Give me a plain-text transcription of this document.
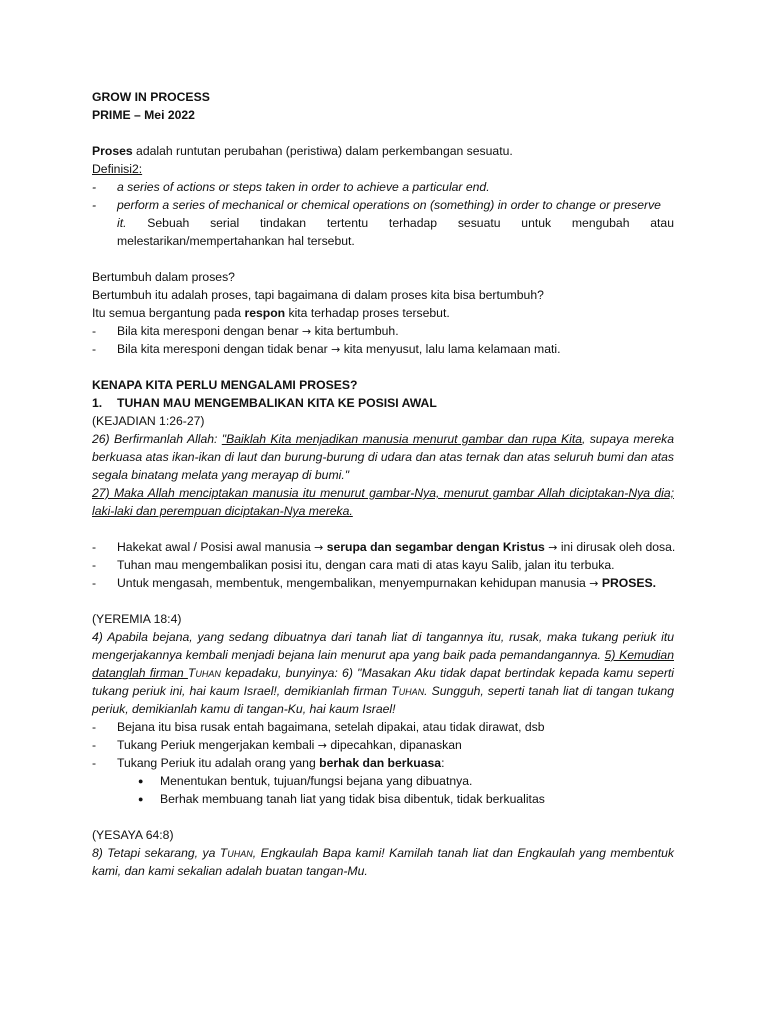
GROW IN PROCESS
PRIME – Mei 2022
Proses adalah runtutan perubahan (peristiwa) dalam perkembangan sesuatu.
Definisi2:
- a series of actions or steps taken in order to achieve a particular end.
- perform a series of mechanical or chemical operations on (something) in order to change or preserve
it. Sebuah serial tindakan tertentu terhadap sesuatu untuk mengubah atau
melestarikan/mempertahankan hal tersebut.
Bertumbuh dalam proses?
Bertumbuh itu adalah proses, tapi bagaimana di dalam proses kita bisa bertumbuh?
Itu semua bergantung pada respon kita terhadap proses tersebut.
- Bila kita meresponi dengan benar → kita bertumbuh.
- Bila kita meresponi dengan tidak benar → kita menyusut, lalu lama kelamaan mati.
KENAPA KITA PERLU MENGALAMI PROSES?
1. TUHAN MAU MENGEMBALIKAN KITA KE POSISI AWAL
(KEJADIAN 1:26-27)
26) Berfirmanlah Allah: "Baiklah Kita menjadikan manusia menurut gambar dan rupa Kita, supaya mereka berkuasa atas ikan-ikan di laut dan burung-burung di udara dan atas ternak dan atas seluruh bumi dan atas segala binatang melata yang merayap di bumi."
27) Maka Allah menciptakan manusia itu menurut gambar-Nya, menurut gambar Allah diciptakan-Nya dia; laki-laki dan perempuan diciptakan-Nya mereka.
- Hakekat awal / Posisi awal manusia → serupa dan segambar dengan Kristus → ini dirusak oleh dosa.
- Tuhan mau mengembalikan posisi itu, dengan cara mati di atas kayu Salib, jalan itu terbuka.
- Untuk mengasah, membentuk, mengembalikan, menyempurnakan kehidupan manusia → PROSES.
(YEREMIA 18:4)
4) Apabila bejana, yang sedang dibuatnya dari tanah liat di tangannya itu, rusak, maka tukang periuk itu mengerjakannya kembali menjadi bejana lain menurut apa yang baik pada pemandangannya. 5) Kemudian datanglah firman Tuhan kepadaku, bunyinya: 6) "Masakan Aku tidak dapat bertindak kepada kamu seperti tukang periuk ini, hai kaum Israel!, demikianlah firman Tuhan. Sungguh, seperti tanah liat di tangan tukang periuk, demikianlah kamu di tangan-Ku, hai kaum Israel!
- Bejana itu bisa rusak entah bagaimana, setelah dipakai, atau tidak dirawat, dsb
- Tukang Periuk mengerjakan kembali → dipecahkan, dipanaskan
- Tukang Periuk itu adalah orang yang berhak dan berkuasa:
● Menentukan bentuk, tujuan/fungsi bejana yang dibuatnya.
● Berhak membuang tanah liat yang tidak bisa dibentuk, tidak berkualitas
(YESAYA 64:8)
8) Tetapi sekarang, ya Tuhan, Engkaulah Bapa kami! Kamilah tanah liat dan Engkaulah yang membentuk kami, dan kami sekalian adalah buatan tangan-Mu.
